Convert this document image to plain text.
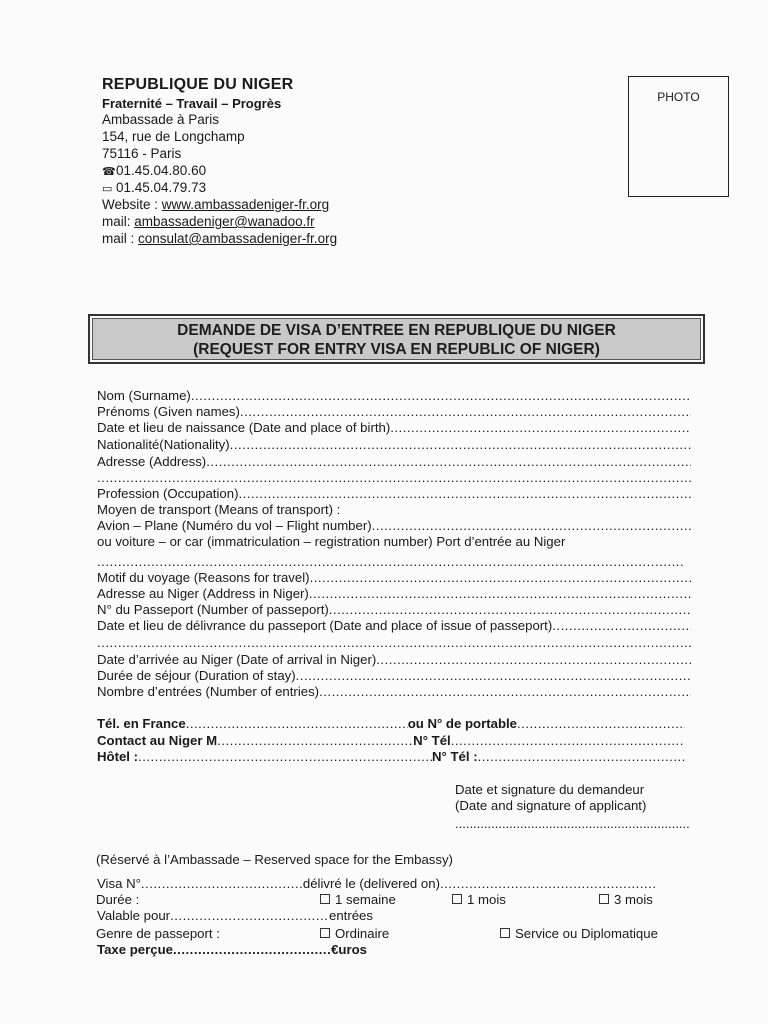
REPUBLIQUE DU NIGER
Fraternité – Travail – Progrès
Ambassade à Paris
154, rue de Longchamp
75116 - Paris
☎01.45.04.80.60
▭ 01.45.04.79.73
Website : www.ambassadeniger-fr.org
mail: ambassadeniger@wanadoo.fr
mail : consulat@ambassadeniger-fr.org
PHOTO
DEMANDE DE VISA D’ENTREE EN REPUBLIQUE DU NIGER
(REQUEST FOR ENTRY VISA EN REPUBLIC OF NIGER)
Nom (Surname)
.....
Prénoms (Given names)
.....
Date et lieu de naissance (Date and place of birth)
.....
Nationalité(Nationality)
.....
Adresse (Address)
.....
.....
Profession (Occupation)
.....
Moyen de transport (Means of transport) :
Avion – Plane (Numéro du vol – Flight number)
.....
ou voiture – or car (immatriculation – registration number) Port d’entrée au Niger
.....
Motif du voyage (Reasons for travel)
.....
Adresse au Niger (Address in Niger)
.....
N° du Passeport (Number of passeport)
.....
Date et lieu de délivrance du passeport (Date and place of issue of passeport)
.....
.....
Date d’arrivée au Niger (Date of arrival in Niger)
.....
Durée de séjour (Duration of stay)
.....
Nombre d’entrées (Number of entries)
.....
Tél. en France .....	ou N° de portable
.....
Contact au Niger M .....	N° Tél
.....
Hôtel : .....	N° Tél :
.....
Date et signature du demandeur
(Date and signature of applicant)
.....
(Réservé à l’Ambassade – Reserved space for the Embassy)
Visa N° .....	délivré le (delivered on)
.....
Durée :	1 semaine	1 mois	3 mois
Valable pour .....	entrées
Genre de passeport :	Ordinaire	Service ou Diplomatique
Taxe perçue .....	€uros
